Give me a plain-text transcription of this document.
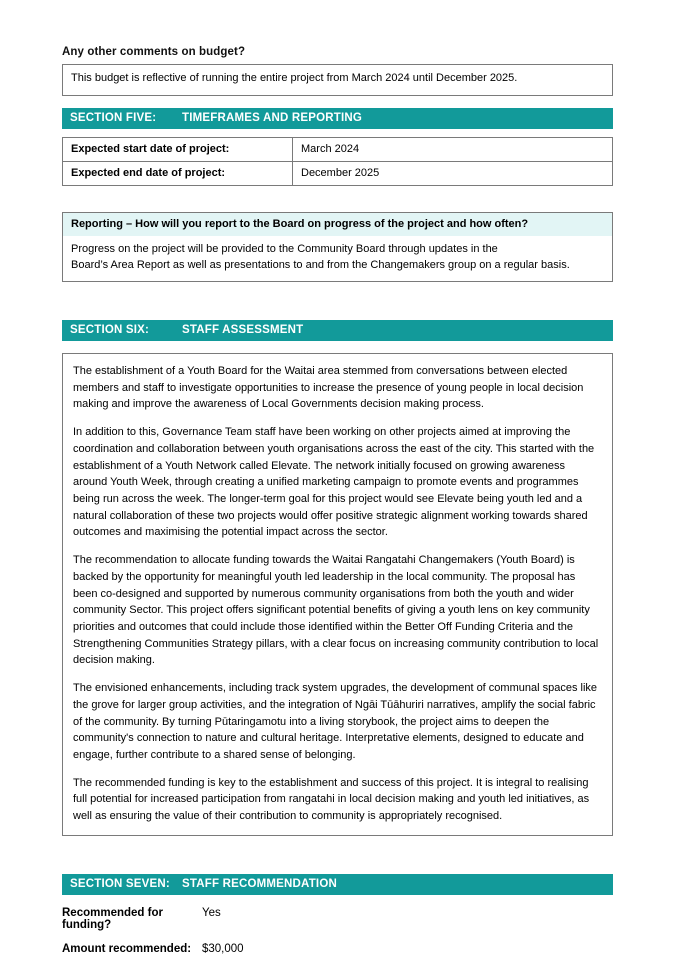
Any other comments on budget?
This budget is reflective of running the entire project from March 2024 until December 2025.
SECTION FIVE:	TIMEFRAMES AND REPORTING
Expected start date of project:	March 2024
Expected end date of project:	December 2025
Reporting – How will you report to the Board on progress of the project and how often?
Progress on the project will be provided to the Community Board through updates in the
Board’s Area Report as well as presentations to and from the Changemakers group on a regular basis.
SECTION SIX:	STAFF ASSESSMENT

The establishment of a Youth Board for the Waitai area stemmed from conversations between elected members and staff to investigate opportunities to increase the presence of young people in local decision making and improve the awareness of Local Governments decision making process.

In addition to this, Governance Team staff have been working on other projects aimed at improving the coordination and collaboration between youth organisations across the east of the city. This started with the establishment of a Youth Network called Elevate. The network initially focused on growing awareness around Youth Week, through creating a unified marketing campaign to promote events and programmes being run across the week. The longer-term goal for this project would see Elevate being youth led and a natural collaboration of these two projects would offer positive strategic alignment working towards shared outcomes and maximising the potential impact across the sector.

The recommendation to allocate funding towards the Waitai Rangatahi Changemakers (Youth Board) is backed by the opportunity for meaningful youth led leadership in the local community. The proposal has been co-designed and supported by numerous community organisations from both the youth and wider community Sector. This project offers significant potential benefits of giving a youth lens on key community priorities and outcomes that could include those identified within the Better Off Funding Criteria and the Strengthening Communities Strategy pillars, with a clear focus on increasing community contribution to local decision making.

The envisioned enhancements, including track system upgrades, the development of communal spaces like the grove for larger group activities, and the integration of Ngāi Tūāhuriri narratives, amplify the social fabric of the community. By turning Pūtaringamotu into a living storybook, the project aims to deepen the community's connection to nature and cultural heritage. Interpretative elements, designed to educate and engage, further contribute to a shared sense of belonging.

The recommended funding is key to the establishment and success of this project. It is integral to realising full potential for increased participation from rangatahi in local decision making and youth led initiatives, as well as ensuring the value of their contribution to community is appropriately recognised.

SECTION SEVEN:	STAFF RECOMMENDATION
Recommended for funding?
Yes
Amount recommended: $30,000
